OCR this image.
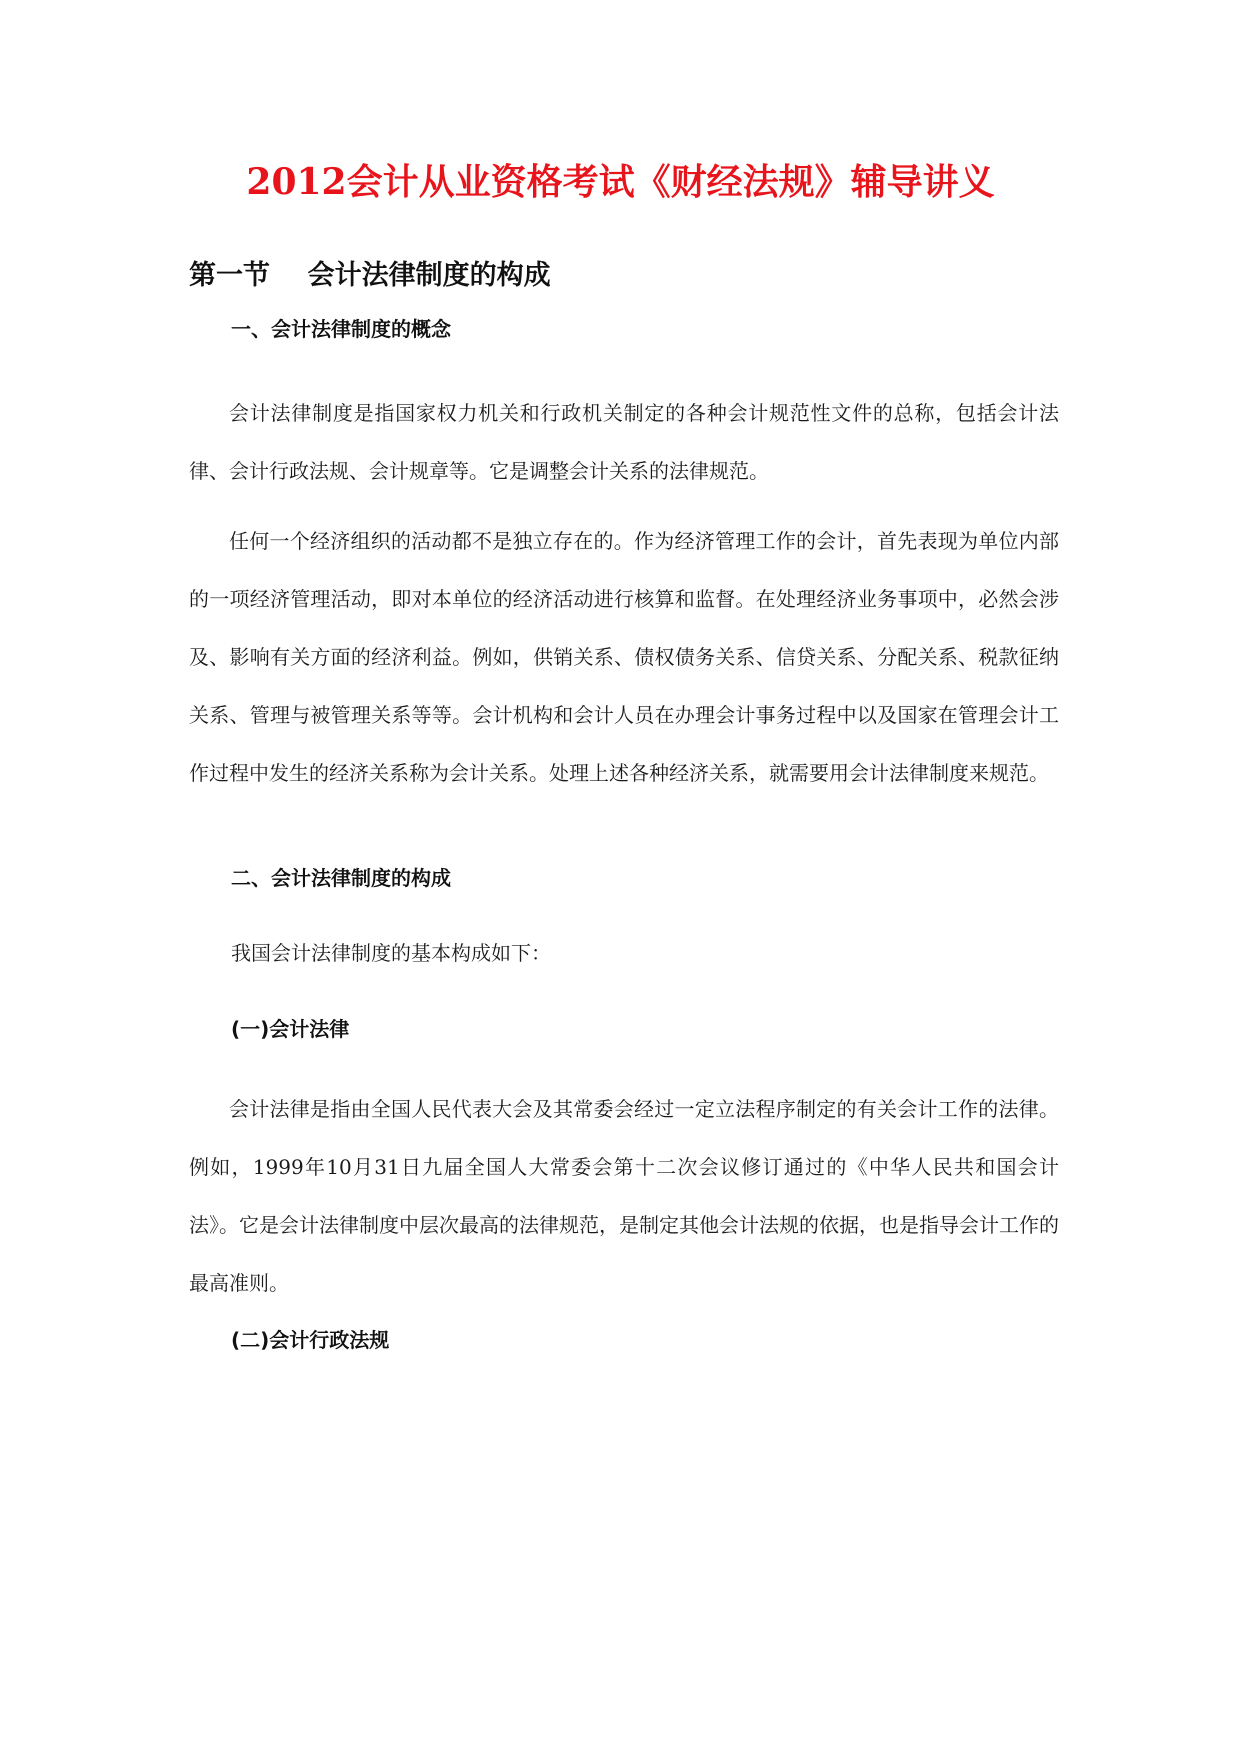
2012会计从业资格考试《财经法规》辅导讲义
第一节    会计法律制度的构成
一、会计法律制度的概念

会计法律制度是指国家权力机关和行政机关制定的各种会计规范性文件的总称，包括会计法律、会计行政法规、会计规章等。它是调整会计关系的法律规范。

任何一个经济组织的活动都不是独立存在的。作为经济管理工作的会计，首先表现为单位内部的一项经济管理活动，即对本单位的经济活动进行核算和监督。在处理经济业务事项中，必然会涉及、影响有关方面的经济利益。例如，供销关系、债权债务关系、信贷关系、分配关系、税款征纳关系、管理与被管理关系等等。会计机构和会计人员在办理会计事务过程中以及国家在管理会计工作过程中发生的经济关系称为会计关系。处理上述各种经济关系，就需要用会计法律制度来规范。

二、会计法律制度的构成

我国会计法律制度的基本构成如下：

(一)会计法律

会计法律是指由全国人民代表大会及其常委会经过一定立法程序制定的有关会计工作的法律。例如，1999年10月31日九届全国人大常委会第十二次会议修订通过的《中华人民共和国会计法》。它是会计法律制度中层次最高的法律规范，是制定其他会计法规的依据，也是指导会计工作的最高准则。

(二)会计行政法规
